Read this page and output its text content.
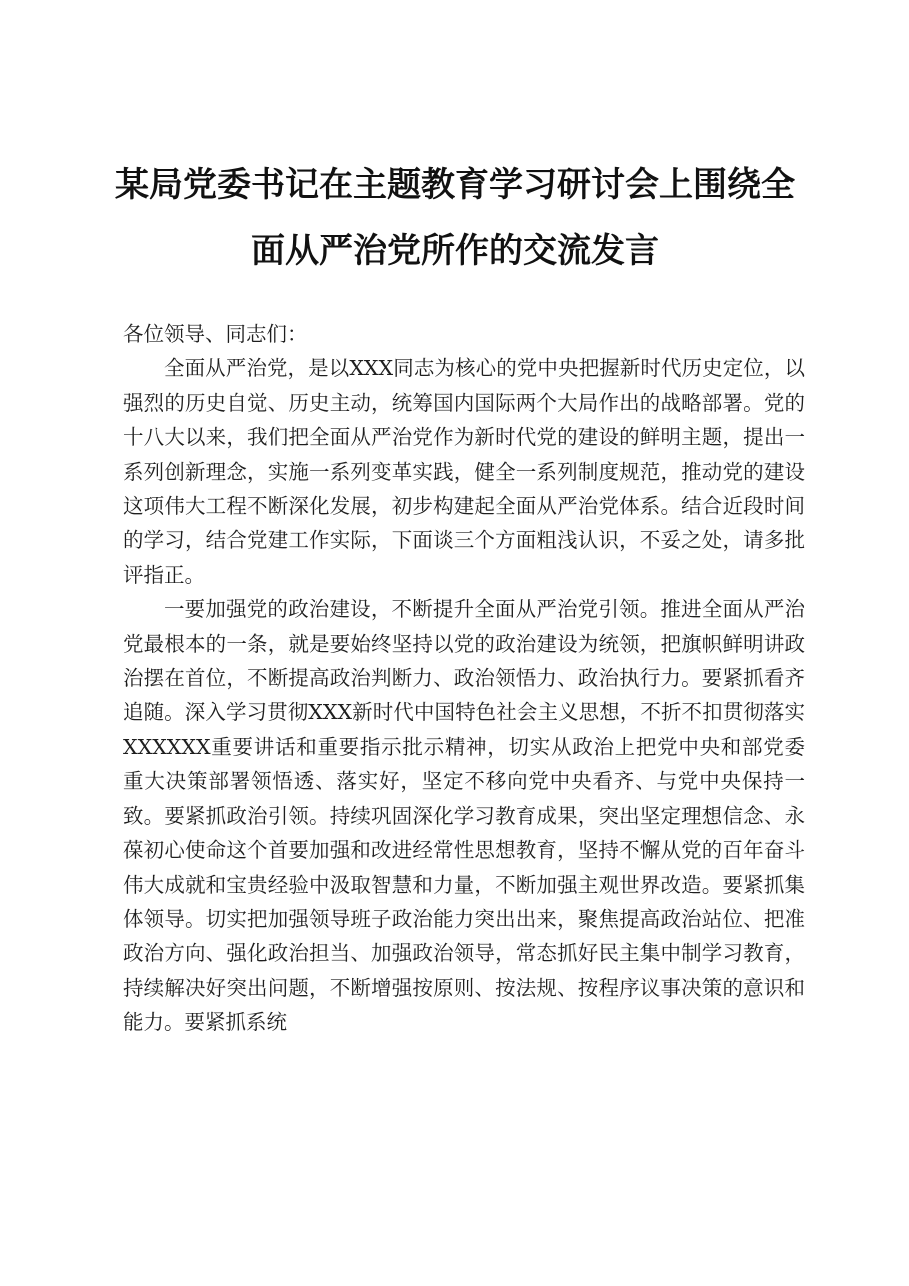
某局党委书记在主题教育学习研讨会上围绕全面从严治党所作的交流发言

各位领导、同志们：

全面从严治党，是以XXX同志为核心的党中央把握新时代历史定位，以强烈的历史自觉、历史主动，统筹国内国际两个大局作出的战略部署。党的十八大以来，我们把全面从严治党作为新时代党的建设的鲜明主题，提出一系列创新理念，实施一系列变革实践，健全一系列制度规范，推动党的建设这项伟大工程不断深化发展，初步构建起全面从严治党体系。结合近段时间的学习，结合党建工作实际，下面谈三个方面粗浅认识，不妥之处，请多批评指正。

一要加强党的政治建设，不断提升全面从严治党引领。推进全面从严治党最根本的一条，就是要始终坚持以党的政治建设为统领，把旗帜鲜明讲政治摆在首位，不断提高政治判断力、政治领悟力、政治执行力。要紧抓看齐追随。深入学习贯彻XXX新时代中国特色社会主义思想，不折不扣贯彻落实XXXXXX重要讲话和重要指示批示精神，切实从政治上把党中央和部党委重大决策部署领悟透、落实好，坚定不移向党中央看齐、与党中央保持一致。要紧抓政治引领。持续巩固深化学习教育成果，突出坚定理想信念、永葆初心使命这个首要加强和改进经常性思想教育，坚持不懈从党的百年奋斗伟大成就和宝贵经验中汲取智慧和力量，不断加强主观世界改造。要紧抓集体领导。切实把加强领导班子政治能力突出出来，聚焦提高政治站位、把准政治方向、强化政治担当、加强政治领导，常态抓好民主集中制学习教育，持续解决好突出问题，不断增强按原则、按法规、按程序议事决策的意识和能力。要紧抓系统
